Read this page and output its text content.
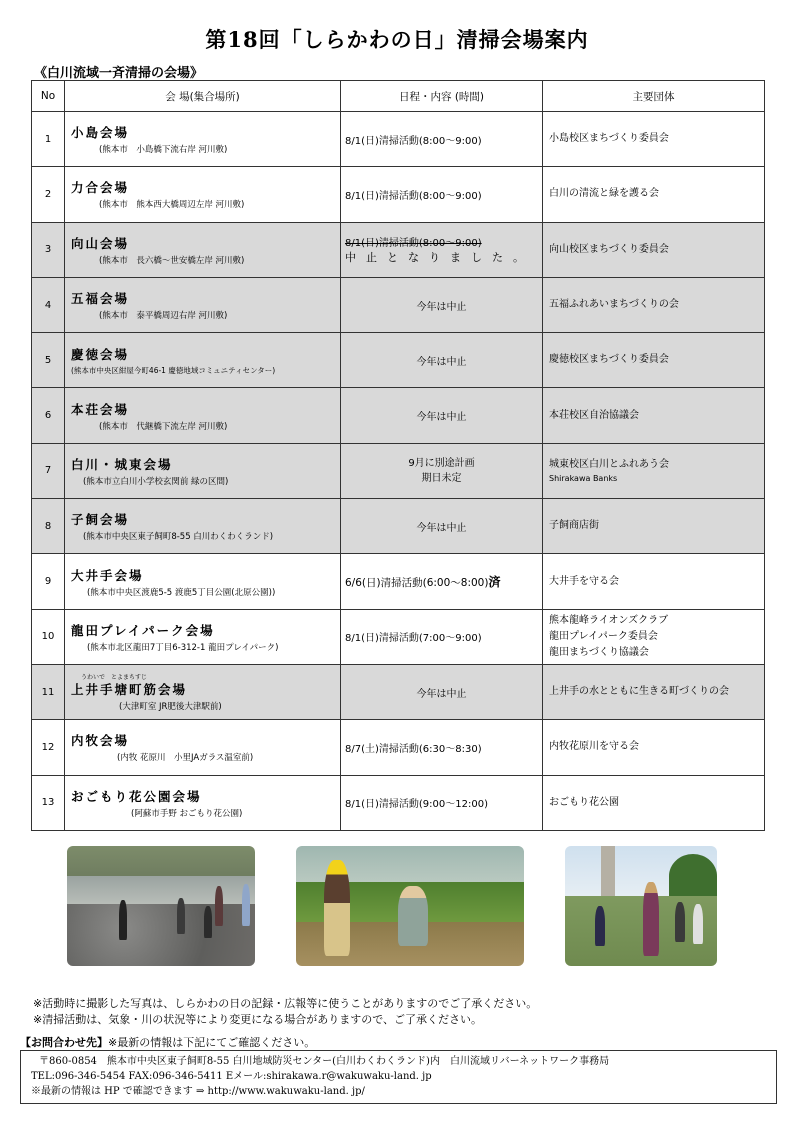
第18回「しらかわの日」清掃会場案内
《白川流域一斉清掃の会場》
No	会 場(集合場所)	日程・内容 (時間)	主要団体
1	小島会場
(熊本市　小島橋下流右岸 河川敷)	8/1(日)清掃活動(8:00～9:00)	小島校区まちづくり委員会

2	力合会場
(熊本市　熊本西大橋周辺左岸 河川敷)	8/1(日)清掃活動(8:00～9:00)	白川の清流と緑を護る会

3	向山会場
(熊本市　長六橋～世安橋左岸 河川敷)	8/1(日)清掃活動(8:00～9:00)
中止となりました。	向山校区まちづくり委員会

4	五福会場
(熊本市　泰平橋周辺右岸 河川敷)	今年は中止	五福ふれあいまちづくりの会

5	慶徳会場
(熊本市中央区紺屋今町46-1 慶徳地域コミュニティセンター)	今年は中止	慶徳校区まちづくり委員会

6	本荘会場
(熊本市　代継橋下流左岸 河川敷)	今年は中止	本荘校区自治協議会

7	白川・城東会場
(熊本市立白川小学校玄関前 緑の区間)	9月に別途計画
期日未定	城東校区白川とふれあう会
Shirakawa Banks

8	子飼会場
(熊本市中央区東子飼町8-55 白川わくわくランド)	今年は中止	子飼商店街

9	大井手会場
(熊本市中央区渡鹿5-5 渡鹿5丁目公園(北原公園))	6/6(日)清掃活動(6:00～8:00)済	大井手を守る会

10	龍田プレイパーク会場
(熊本市北区龍田7丁目6-312-1 龍田プレイパーク)	8/1(日)清掃活動(7:00～9:00)	熊本龍峰ライオンズクラブ
龍田プレイパーク委員会
龍田まちづくり協議会

11	うわいで　とよまちすじ
上井手塘町筋会場
(大津町室 JR肥後大津駅前)	今年は中止	上井手の水とともに生きる町づくりの会

12	内牧会場
(内牧 花原川　小里JAガラス温室前)	8/7(土)清掃活動(6:30～8:30)	内牧花原川を守る会

13	おごもり花公園会場
(阿蘇市手野 おごもり花公園)	8/1(日)清掃活動(9:00～12:00)	おごもり花公園
※活動時に撮影した写真は、しらかわの日の記録・広報等に使うことがありますのでご了承ください。
※清掃活動は、気象・川の状況等により変更になる場合がありますので、ご了承ください。
【お問合わせ先】※最新の情報は下記にてご確認ください。
〒860-0854　熊本市中央区東子飼町8-55 白川地域防災センター(白川わくわくランド)内　白川流域リバーネットワーク事務局
TEL:096-346-5454 FAX:096-346-5411 Eメール:shirakawa.r@wakuwaku-land. jp
※最新の情報は HP で確認できます ⇒ http://www.wakuwaku-land. jp/
